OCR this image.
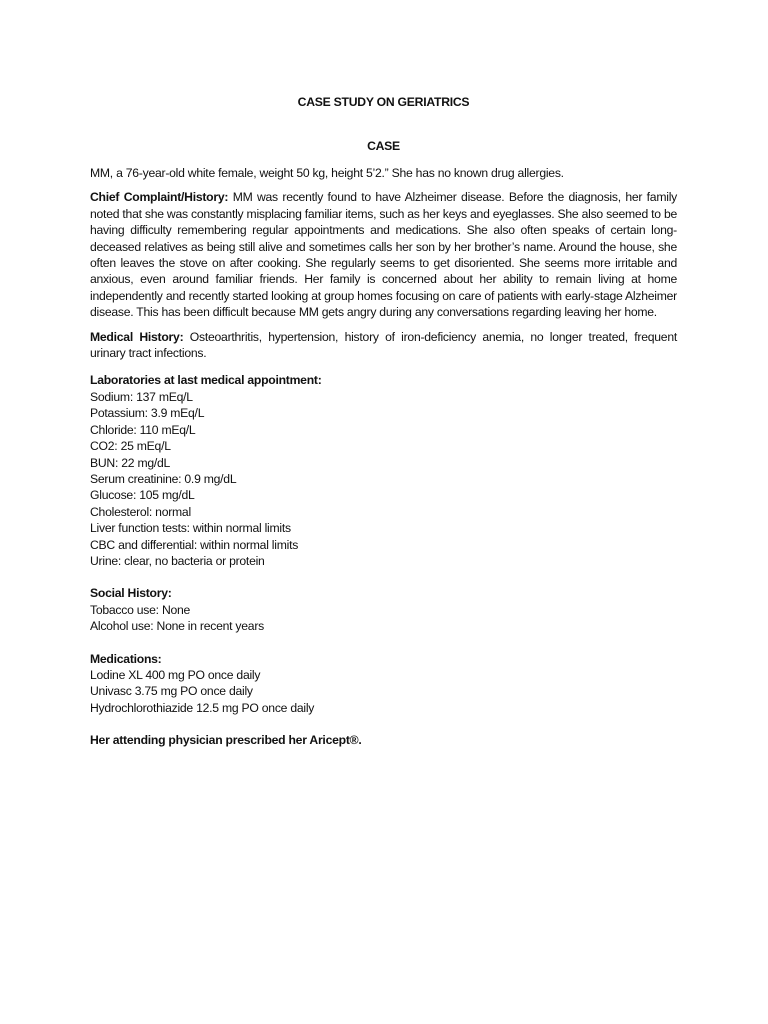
CASE STUDY ON GERIATRICS

CASE

MM, a 76-year-old white female, weight 50 kg, height 5’2.” She has no known drug allergies.

Chief Complaint/History: MM was recently found to have Alzheimer disease. Before the diagnosis, her family noted that she was constantly misplacing familiar items, such as her keys and eyeglasses. She also seemed to be having difficulty remembering regular appointments and medications. She also often speaks of certain long-deceased relatives as being still alive and sometimes calls her son by her brother’s name. Around the house, she often leaves the stove on after cooking. She regularly seems to get disoriented. She seems more irritable and anxious, even around familiar friends. Her family is concerned about her ability to remain living at home independently and recently started looking at group homes focusing on care of patients with early-stage Alzheimer disease. This has been difficult because MM gets angry during any conversations regarding leaving her home.

Medical History: Osteoarthritis, hypertension, history of iron-deficiency anemia, no longer treated, frequent urinary tract infections.

Laboratories at last medical appointment:

Sodium: 137 mEq/L

Potassium: 3.9 mEq/L

Chloride: 110 mEq/L

CO2: 25 mEq/L

BUN: 22 mg/dL

Serum creatinine: 0.9 mg/dL

Glucose: 105 mg/dL

Cholesterol: normal

Liver function tests: within normal limits

CBC and differential: within normal limits

Urine: clear, no bacteria or protein

Social History:

Tobacco use: None

Alcohol use: None in recent years

Medications:

Lodine XL 400 mg PO once daily

Univasc 3.75 mg PO once daily

Hydrochlorothiazide 12.5 mg PO once daily

Her attending physician prescribed her Aricept®.
